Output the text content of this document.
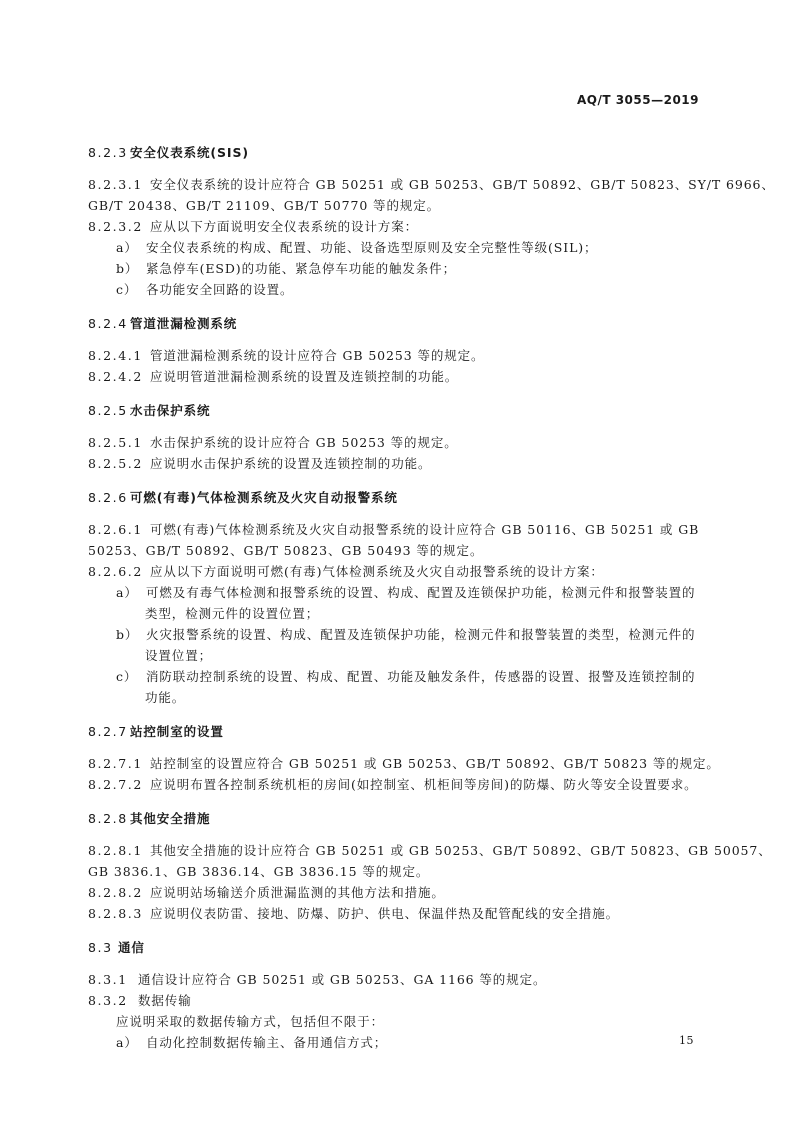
AQ/T 3055—2019
8.2.3 安全仪表系统(SIS)
8.2.3.1 安全仪表系统的设计应符合 GB 50251 或 GB 50253、GB/T 50892、GB/T 50823、SY/T 6966、
GB/T 20438、GB/T 21109、GB/T 50770 等的规定。
8.2.3.2 应从以下方面说明安全仪表系统的设计方案：
a） 安全仪表系统的构成、配置、功能、设备选型原则及安全完整性等级(SIL)；
b） 紧急停车(ESD)的功能、紧急停车功能的触发条件；
c） 各功能安全回路的设置。
8.2.4 管道泄漏检测系统
8.2.4.1 管道泄漏检测系统的设计应符合 GB 50253 等的规定。
8.2.4.2 应说明管道泄漏检测系统的设置及连锁控制的功能。
8.2.5 水击保护系统
8.2.5.1 水击保护系统的设计应符合 GB 50253 等的规定。
8.2.5.2 应说明水击保护系统的设置及连锁控制的功能。
8.2.6 可燃(有毒)气体检测系统及火灾自动报警系统
8.2.6.1 可燃(有毒)气体检测系统及火灾自动报警系统的设计应符合 GB 50116、GB 50251 或 GB
50253、GB/T 50892、GB/T 50823、GB 50493 等的规定。
8.2.6.2 应从以下方面说明可燃(有毒)气体检测系统及火灾自动报警系统的设计方案：
a） 可燃及有毒气体检测和报警系统的设置、构成、配置及连锁保护功能，检测元件和报警装置的
类型，检测元件的设置位置；
b） 火灾报警系统的设置、构成、配置及连锁保护功能，检测元件和报警装置的类型，检测元件的
设置位置；
c） 消防联动控制系统的设置、构成、配置、功能及触发条件，传感器的设置、报警及连锁控制的
功能。
8.2.7 站控制室的设置
8.2.7.1 站控制室的设置应符合 GB 50251 或 GB 50253、GB/T 50892、GB/T 50823 等的规定。
8.2.7.2 应说明布置各控制系统机柜的房间(如控制室、机柜间等房间)的防爆、防火等安全设置要求。
8.2.8 其他安全措施
8.2.8.1 其他安全措施的设计应符合 GB 50251 或 GB 50253、GB/T 50892、GB/T 50823、GB 50057、
GB 3836.1、GB 3836.14、GB 3836.15 等的规定。
8.2.8.2 应说明站场输送介质泄漏监测的其他方法和措施。
8.2.8.3 应说明仪表防雷、接地、防爆、防护、供电、保温伴热及配管配线的安全措施。
8.3 通信
8.3.1 通信设计应符合 GB 50251 或 GB 50253、GA 1166 等的规定。
8.3.2 数据传输
应说明采取的数据传输方式，包括但不限于：
a） 自动化控制数据传输主、备用通信方式；	15
